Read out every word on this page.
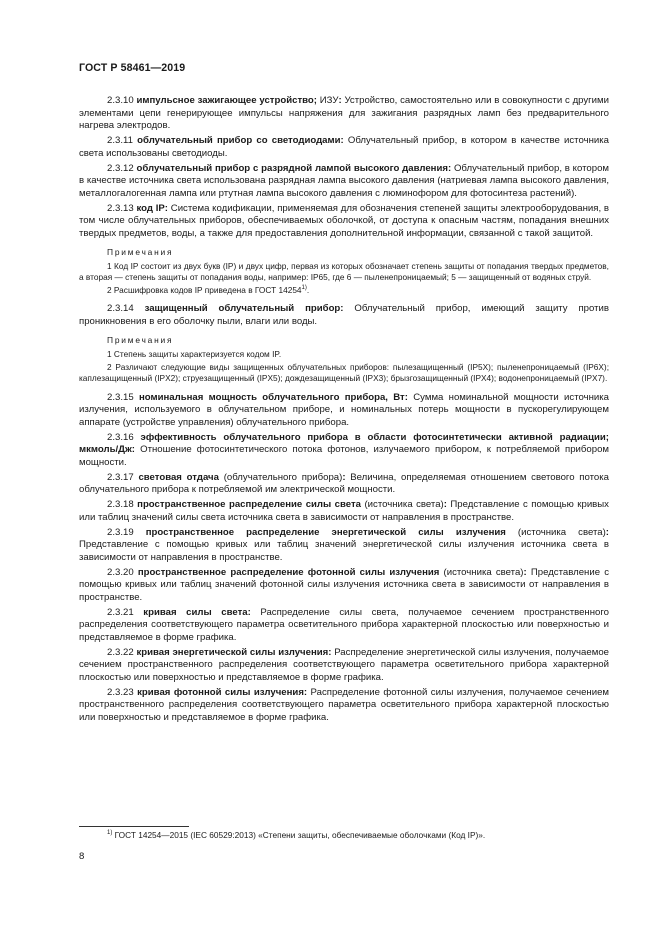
ГОСТ Р 58461—2019

2.3.10 импульсное зажигающее устройство; ИЗУ: Устройство, самостоятельно или в совокупности с другими элементами цепи генерирующее импульсы напряжения для зажигания разрядных ламп без предварительного нагрева электродов.

2.3.11 облучательный прибор со светодиодами: Облучательный прибор, в котором в качестве источника света использованы светодиоды.

2.3.12 облучательный прибор с разрядной лампой высокого давления: Облучательный прибор, в котором в качестве источника света использована разрядная лампа высокого давления (натриевая лампа высокого давления, металлогалогенная лампа или ртутная лампа высокого давления с люминофором для фотосинтеза растений).

2.3.13 код IP: Система кодификации, применяемая для обозначения степеней защиты электрооборудования, в том числе облучательных приборов, обеспечиваемых оболочкой, от доступа к опасным частям, попадания внешних твердых предметов, воды, а также для предоставления дополнительной информации, связанной с такой защитой.

Примечания

1 Код IP состоит из двух букв (IP) и двух цифр, первая из которых обозначает степень защиты от попадания твердых предметов, а вторая — степень защиты от попадания воды, например: IP65, где 6 — пыленепроницаемый; 5 — защищенный от водяных струй.

2 Расшифровка кодов IP приведена в ГОСТ 14254$^{1)}$.

2.3.14 защищенный облучательный прибор: Облучательный прибор, имеющий защиту против проникновения в его оболочку пыли, влаги или воды.

Примечания

1 Степень защиты характеризуется кодом IP.

2 Различают следующие виды защищенных облучательных приборов: пылезащищенный (IP5X); пыленепроницаемый (IP6X); каплезащищенный (IPX2); струезащищенный (IPX5); дождезащищенный (IPX3); брызгозащищенный (IPX4); водонепроницаемый (IPX7).

2.3.15 номинальная мощность облучательного прибора, Вт: Сумма номинальной мощности источника излучения, используемого в облучательном приборе, и номинальных потерь мощности в пускорегулирующем аппарате (устройстве управления) облучательного прибора.

2.3.16 эффективность облучательного прибора в области фотосинтетически активной радиации; мкмоль/Дж: Отношение фотосинтетического потока фотонов, излучаемого прибором, к потребляемой прибором мощности.

2.3.17 световая отдача (облучательного прибора): Величина, определяемая отношением светового потока облучательного прибора к потребляемой им электрической мощности.

2.3.18 пространственное распределение силы света (источника света): Представление с помощью кривых или таблиц значений силы света источника света в зависимости от направления в пространстве.

2.3.19 пространственное распределение энергетической силы излучения (источника света): Представление с помощью кривых или таблиц значений энергетической силы излучения источника света в зависимости от направления в пространстве.

2.3.20 пространственное распределение фотонной силы излучения (источника света): Представление с помощью кривых или таблиц значений фотонной силы излучения источника света в зависимости от направления в пространстве.

2.3.21 кривая силы света: Распределение силы света, получаемое сечением пространственного распределения соответствующего параметра осветительного прибора характерной плоскостью или поверхностью и представляемое в форме графика.

2.3.22 кривая энергетической силы излучения: Распределение энергетической силы излучения, получаемое сечением пространственного распределения соответствующего параметра осветительного прибора характерной плоскостью или поверхностью и представляемое в форме графика.

2.3.23 кривая фотонной силы излучения: Распределение фотонной силы излучения, получаемое сечением пространственного распределения соответствующего параметра осветительного прибора характерной плоскостью или поверхностью и представляемое в форме графика.

$^{1)}$ ГОСТ 14254—2015 (IEC 60529:2013) «Степени защиты, обеспечиваемые оболочками (Код IP)».
8
